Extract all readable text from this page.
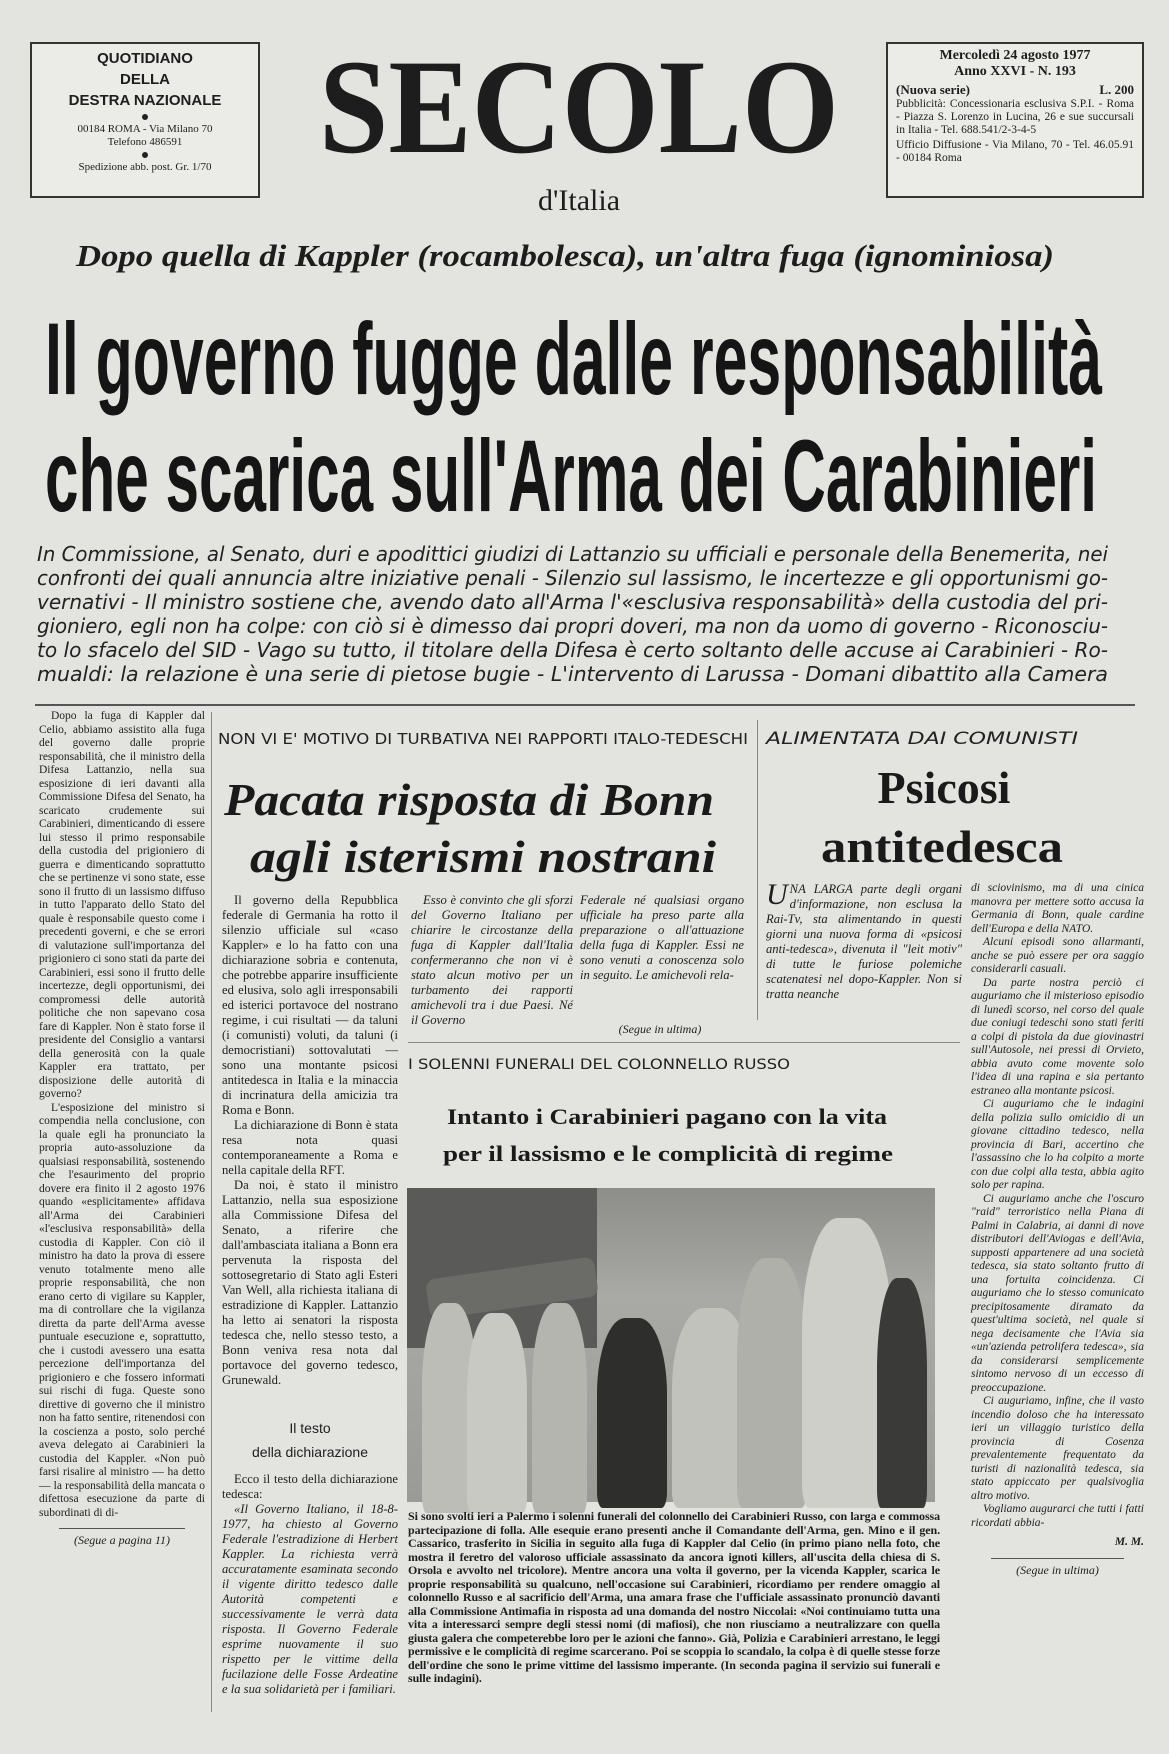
QUOTIDIANO
DELLA
DESTRA NAZIONALE
00184 ROMA - Via Milano 70
Telefono 486591
Spedizione abb. post. Gr. 1/70
Mercoledì 24 agosto 1977
Anno XXVI - N. 193
(Nuova serie)	L. 200

Pubblicità: Concessionaria esclusiva S.P.I. - Roma - Piazza S. Lorenzo in Lucina, 26 e sue succursali in Italia - Tel. 688.541/2-3-4-5

Ufficio Diffusione - Via Milano, 70 - Tel. 46.05.91 - 00184 Roma

SECOLO
d'Italia
Dopo quella di Kappler (rocambolesca), un'altra fuga (ignominiosa)
Il governo fugge dalle responsabilità
che scarica sull'Arma dei Carabinieri
In Commissione, al Senato, duri e apodittici giudizi di Lattanzio su ufficiali e personale della Benemerita, nei
confronti dei quali annuncia altre iniziative penali - Silenzio sul lassismo, le incertezze e gli opportunismi go-
vernativi - Il ministro sostiene che, avendo dato all'Arma l'«esclusiva responsabilità» della custodia del pri-
gioniero, egli non ha colpe: con ciò si è dimesso dai propri doveri, ma non da uomo di governo - Riconosciu-
to lo sfacelo del SID - Vago su tutto, il titolare della Difesa è certo soltanto delle accuse ai Carabinieri - Ro-
mualdi: la relazione è una serie di pietose bugie - L'intervento di Larussa - Domani dibattito alla Camera
NON VI E' MOTIVO DI TURBATIVA NEI RAPPORTI ITALO-TEDESCHI ALIMENTATA DAI COMUNISTI
Pacata risposta di Bonn
agli isterismi nostrani
Psicosi
antitedesca
I SOLENNI FUNERALI DEL COLONNELLO RUSSO
Intanto i Carabinieri pagano con la vita
per il lassismo e le complicità di regime

Dopo la fuga di Kappler dal Celio, abbiamo assistito alla fuga del governo dalle proprie responsabilità, che il ministro della Difesa Lattanzio, nella sua esposizione di ieri davanti alla Commissione Difesa del Senato, ha scaricato crudemente sui Carabinieri, dimenticando di essere lui stesso il primo responsabile della custodia del prigioniero di guerra e dimenticando soprattutto che se pertinenze vi sono state, esse sono il frutto di un lassismo diffuso in tutto l'apparato dello Stato del quale è responsabile questo come i precedenti governi, e che se errori di valutazione sull'importanza del prigioniero ci sono stati da parte dei Carabinieri, essi sono il frutto delle incertezze, degli opportunismi, dei compromessi delle autorità politiche che non sapevano cosa fare di Kappler. Non è stato forse il presidente del Consiglio a vantarsi della generosità con la quale Kappler era trattato, per disposizione delle autorità di governo?

L'esposizione del ministro si compendia nella conclusione, con la quale egli ha pronunciato la propria auto-assoluzione da qualsiasi responsabilità, sostenendo che l'esaurimento del proprio dovere era finito il 2 agosto 1976 quando «esplicitamente» affidava all'Arma dei Carabinieri «l'esclusiva responsabilità» della custodia di Kappler. Con ciò il ministro ha dato la prova di essere venuto totalmente meno alle proprie responsabilità, che non erano certo di vigilare su Kappler, ma di controllare che la vigilanza diretta da parte dell'Arma avesse puntuale esecuzione e, soprattutto, che i custodi avessero una esatta percezione dell'importanza del prigioniero e che fossero informati sui rischi di fuga. Queste sono direttive di governo che il ministro non ha fatto sentire, ritenendosi con la coscienza a posto, solo perché aveva delegato ai Carabinieri la custodia del Kappler. «Non può farsi risalire al ministro — ha detto — la responsabilità della mancata o difettosa esecuzione da parte di subordinati di di-

(Segue a pagina 11)

Il governo della Repubblica federale di Germania ha rotto il silenzio ufficiale sul «caso Kappler» e lo ha fatto con una dichiarazione sobria e contenuta, che potrebbe apparire insufficiente ed elusiva, solo agli irresponsabili ed isterici portavoce del nostrano regime, i cui risultati — da taluni (i comunisti) voluti, da taluni (i democristiani) sottovalutati — sono una montante psicosi antitedesca in Italia e la minaccia di incrinatura della amicizia tra Roma e Bonn.

La dichiarazione di Bonn è stata resa nota quasi contemporaneamente a Roma e nella capitale della RFT.

Da noi, è stato il ministro Lattanzio, nella sua esposizione alla Commissione Difesa del Senato, a riferire che dall'ambasciata italiana a Bonn era pervenuta la risposta del sottosegretario di Stato agli Esteri Van Well, alla richiesta italiana di estradizione di Kappler. Lattanzio ha letto ai senatori la risposta tedesca che, nello stesso testo, a Bonn veniva resa nota dal portavoce del governo tedesco, Grunewald.

Il testo
della dichiarazione

Ecco il testo della dichiarazione tedesca:

«Il Governo Italiano, il 18-8-1977, ha chiesto al Governo Federale l'estradizione di Herbert Kappler. La richiesta verrà accuratamente esaminata secondo il vigente diritto tedesco dalle Autorità competenti e successivamente le verrà data risposta. Il Governo Federale esprime nuovamente il suo rispetto per le vittime della fucilazione delle Fosse Ardeatine e la sua solidarietà per i familiari.

Esso è convinto che gli sforzi del Governo Italiano per chiarire le circostanze della fuga di Kappler dall'Italia confermeranno che non vi è stato alcun motivo per un turbamento dei rapporti amichevoli tra i due Paesi. Né il Governo

Federale né qualsiasi organo ufficiale ha preso parte alla preparazione o all'attuazione della fuga di Kappler. Essi ne sono venuti a conoscenza solo in seguito. Le amichevoli rela-

(Segue in ultima)

UNA LARGA parte degli organi d'informazione, non esclusa la Rai-Tv, sta alimentando in questi giorni una nuova forma di «psicosi anti-tedesca», divenuta il "leit motiv" di tutte le furiose polemiche scatenatesi nel dopo-Kappler. Non si tratta neanche

di sciovinismo, ma di una cinica manovra per mettere sotto accusa la Germania di Bonn, quale cardine dell'Europa e della NATO.

Alcuni episodi sono allarmanti, anche se può essere per ora saggio considerarli casuali.

Da parte nostra perciò ci auguriamo che il misterioso episodio di lunedì scorso, nel corso del quale due coniugi tedeschi sono stati feriti a colpi di pistola da due giovinastri sull'Autosole, nei pressi di Orvieto, abbia avuto come movente solo l'idea di una rapina e sia pertanto estraneo alla montante psicosi.

Ci auguriamo che le indagini della polizia sullo omicidio di un giovane cittadino tedesco, nella provincia di Bari, accertino che l'assassino che lo ha colpito a morte con due colpi alla testa, abbia agito solo per rapina.

Ci auguriamo anche che l'oscuro "raid" terroristico nella Piana di Palmi in Calabria, ai danni di nove distributori dell'Aviogas e dell'Avia, supposti appartenere ad una società tedesca, sia stato soltanto frutto di una fortuita coincidenza. Ci auguriamo che lo stesso comunicato precipitosamente diramato da quest'ultima società, nel quale si nega decisamente che l'Avia sia «un'azienda petrolifera tedesca», sia da considerarsi semplicemente sintomo nervoso di un eccesso di preoccupazione.

Ci auguriamo, infine, che il vasto incendio doloso che ha interessato ieri un villaggio turistico della provincia di Cosenza prevalentemente frequentato da turisti di nazionalità tedesca, sia stato appiccato per qualsivoglia altro motivo.

Vogliamo augurarci che tutti i fatti ricordati abbia-

M. M.

(Segue in ultima)

Si sono svolti ieri a Palermo i solenni funerali del colonnello dei Carabinieri Russo, con larga e commossa partecipazione di folla. Alle esequie erano presenti anche il Comandante dell'Arma, gen. Mino e il gen. Cassarico, trasferito in Sicilia in seguito alla fuga di Kappler dal Celio (in primo piano nella foto, che mostra il feretro del valoroso ufficiale assassinato da ancora ignoti killers, all'uscita della chiesa di S. Orsola e avvolto nel tricolore). Mentre ancora una volta il governo, per la vicenda Kappler, scarica le proprie responsabilità su qualcuno, nell'occasione sui Carabinieri, ricordiamo per rendere omaggio al colonnello Russo e al sacrificio dell'Arma, una amara frase che l'ufficiale assassinato pronunciò davanti alla Commissione Antimafia in risposta ad una domanda del nostro Niccolai: «Noi continuiamo tutta una vita a interessarci sempre degli stessi nomi (di mafiosi), che non riusciamo a neutralizzare con quella giusta galera che competerebbe loro per le azioni che fanno». Già, Polizia e Carabinieri arrestano, le leggi permissive e le complicità di regime scarcerano. Poi se scoppia lo scandalo, la colpa è di quelle stesse forze dell'ordine che sono le prime vittime del lassismo imperante. (In seconda pagina il servizio sui funerali e sulle indagini).
